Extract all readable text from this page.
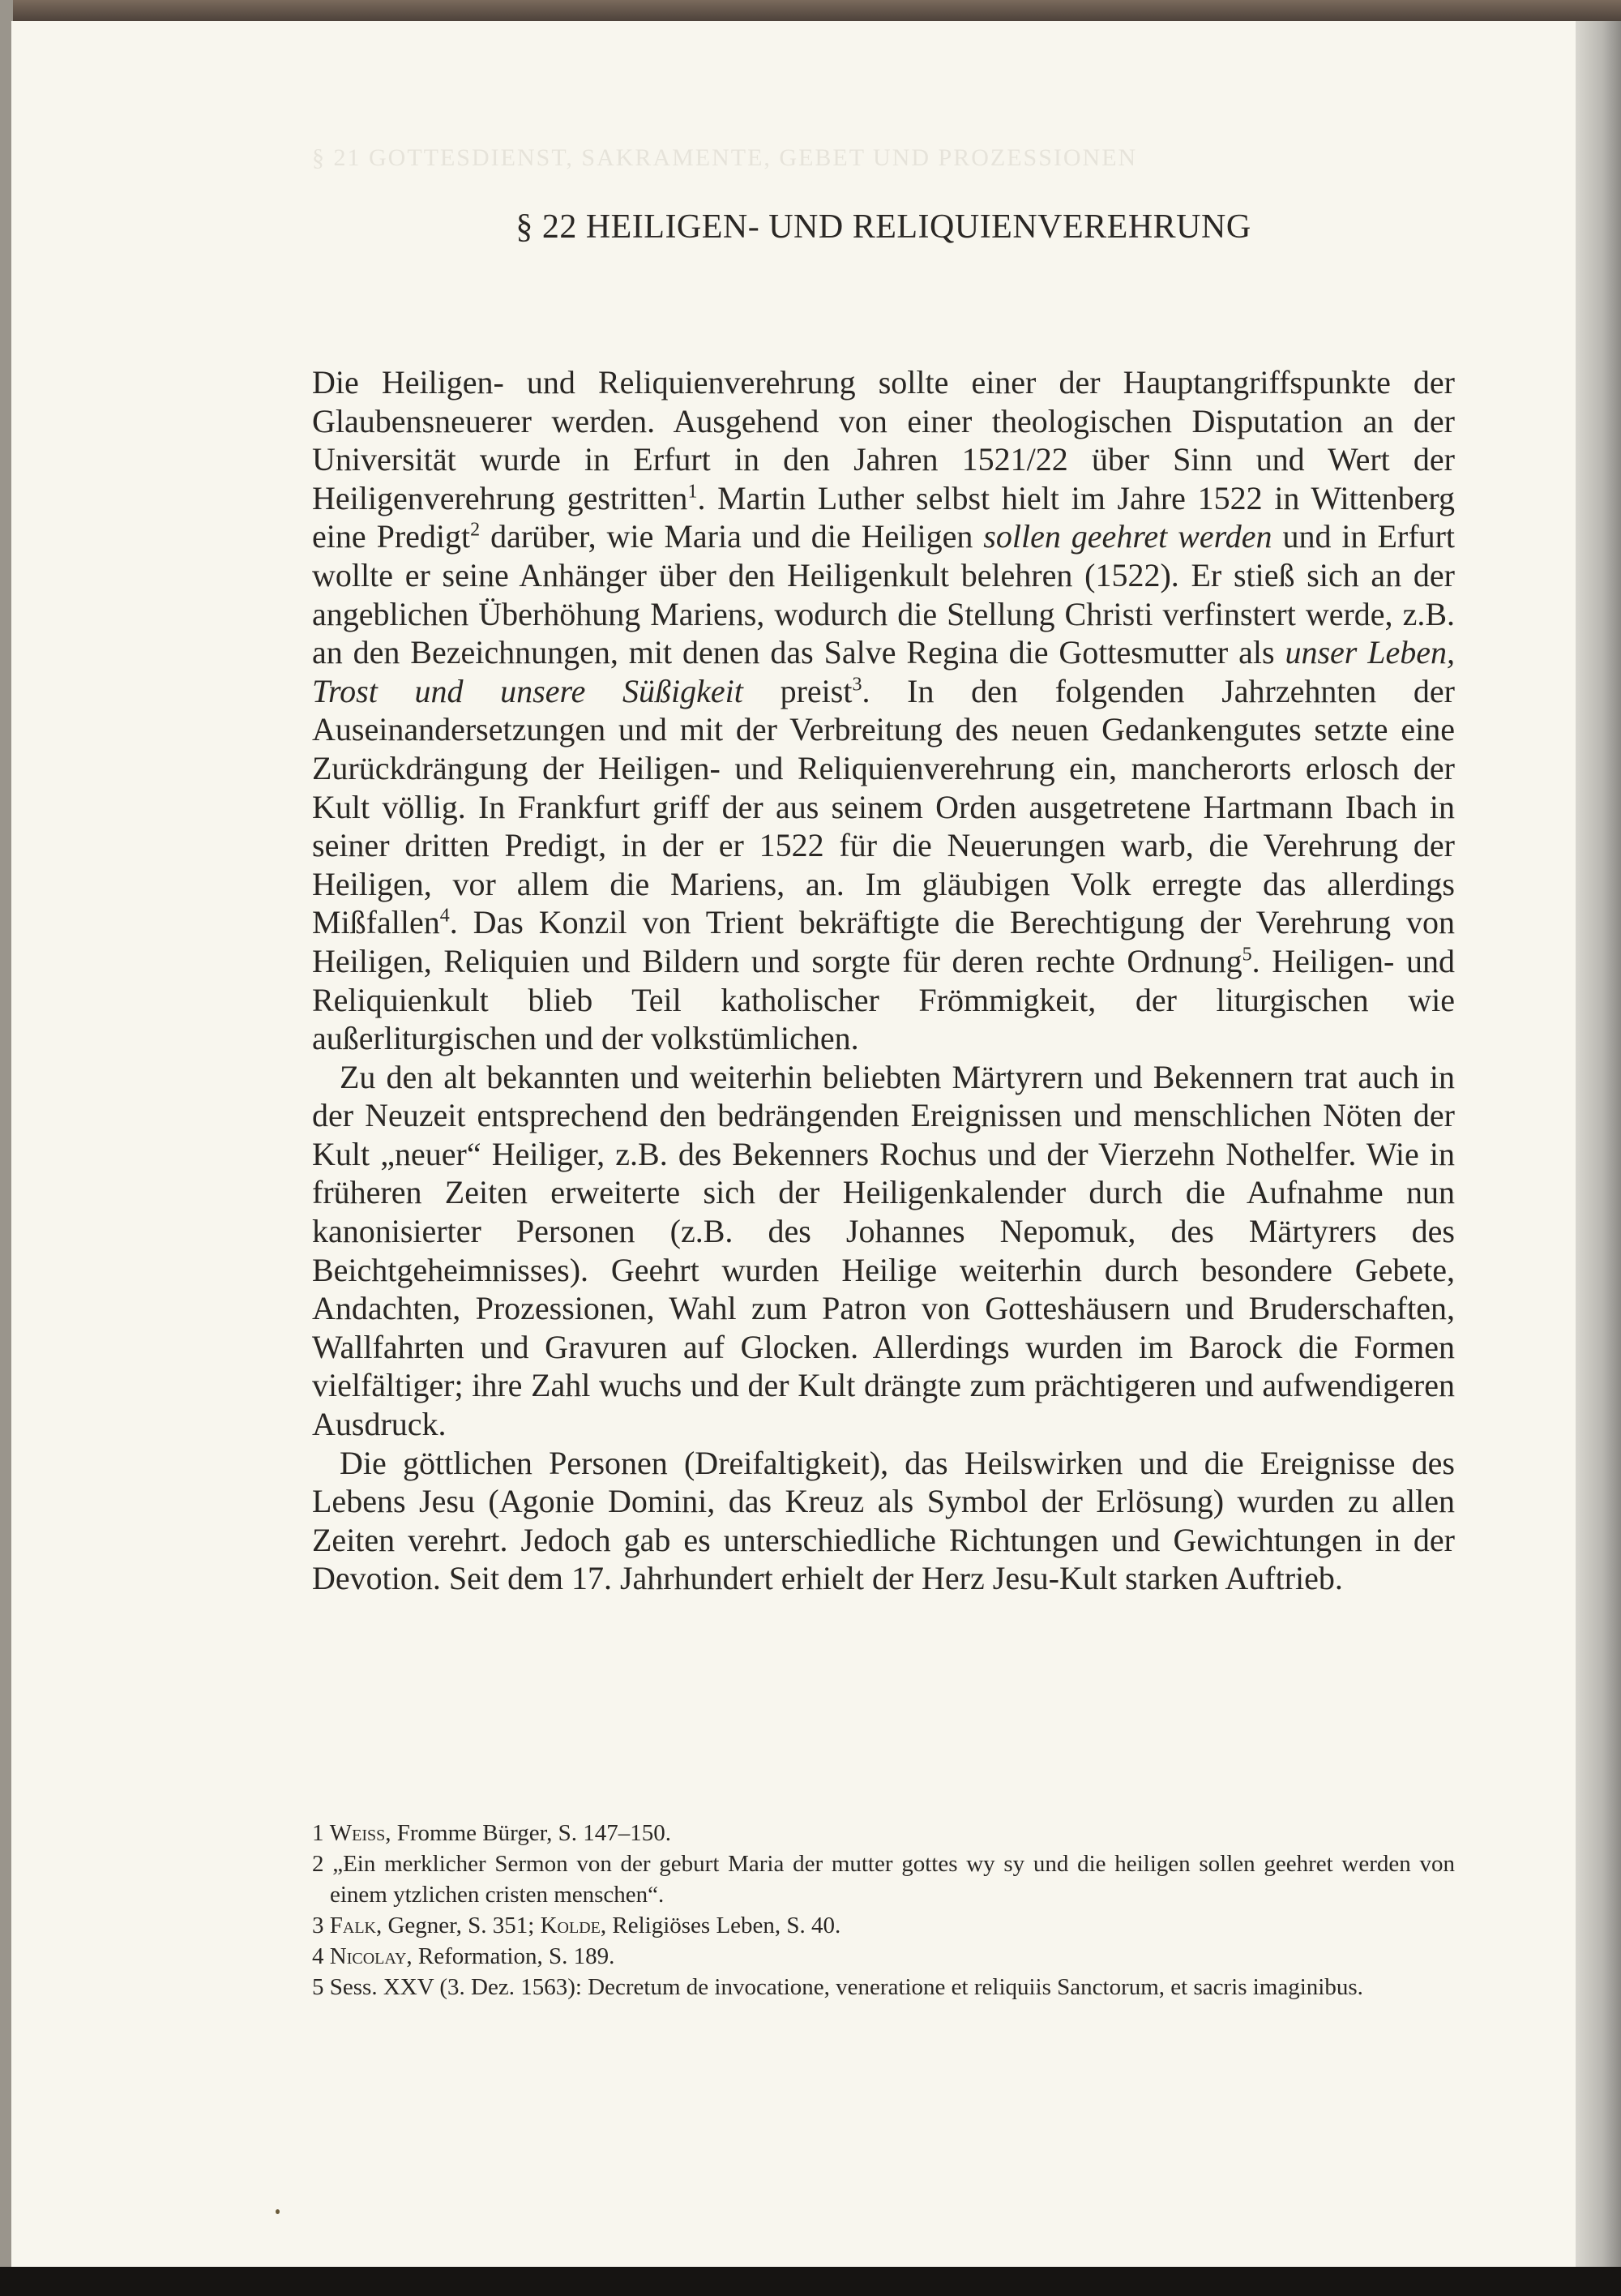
§ 21 GOTTESDIENST, SAKRAMENTE, GEBET UND PROZESSIONEN
§ 22 HEILIGEN- UND RELIQUIENVEREHRUNG

Die Heiligen- und Reliquienverehrung sollte einer der Hauptangriffspunkte der Glaubensneuerer werden. Ausgehend von einer theologischen Disputation an der Universität wurde in Erfurt in den Jahren 1521/22 über Sinn und Wert der Heiligenverehrung gestritten$^1$. Martin Luther selbst hielt im Jahre 1522 in Wittenberg eine Predigt$^2$ darüber, wie Maria und die Heiligen sollen geehret werden und in Erfurt wollte er seine Anhänger über den Heiligenkult belehren (1522). Er stieß sich an der angeblichen Überhöhung Mariens, wodurch die Stellung Christi verfinstert werde, z.B. an den Bezeichnungen, mit denen das Salve Regina die Gottesmutter als unser Leben, Trost und unsere Süßigkeit preist$^3$. In den folgenden Jahrzehnten der Auseinandersetzungen und mit der Verbreitung des neuen Gedankengutes setzte eine Zurückdrängung der Heiligen- und Reliquienverehrung ein, mancherorts erlosch der Kult völlig. In Frankfurt griff der aus seinem Orden ausgetretene Hartmann Ibach in seiner dritten Predigt, in der er 1522 für die Neuerungen warb, die Verehrung der Heiligen, vor allem die Mariens, an. Im gläubigen Volk erregte das allerdings Mißfallen$^4$. Das Konzil von Trient bekräftigte die Berechtigung der Verehrung von Heiligen, Reliquien und Bildern und sorgte für deren rechte Ordnung$^5$. Heiligen- und Reliquienkult blieb Teil katholischer Frömmigkeit, der liturgischen wie außerliturgischen und der volkstümlichen.

Zu den alt bekannten und weiterhin beliebten Märtyrern und Bekennern trat auch in der Neuzeit entsprechend den bedrängenden Ereignissen und menschlichen Nöten der Kult „neuer“ Heiliger, z.B. des Bekenners Rochus und der Vierzehn Nothelfer. Wie in früheren Zeiten erweiterte sich der Heiligenkalender durch die Aufnahme nun kanonisierter Personen (z.B. des Johannes Nepomuk, des Märtyrers des Beichtgeheimnisses). Geehrt wurden Heilige weiterhin durch besondere Gebete, Andachten, Prozessionen, Wahl zum Patron von Gotteshäusern und Bruderschaften, Wallfahrten und Gravuren auf Glocken. Allerdings wurden im Barock die Formen vielfältiger; ihre Zahl wuchs und der Kult drängte zum prächtigeren und aufwendigeren Ausdruck.

Die göttlichen Personen (Dreifaltigkeit), das Heilswirken und die Ereignisse des Lebens Jesu (Agonie Domini, das Kreuz als Symbol der Erlösung) wurden zu allen Zeiten verehrt. Jedoch gab es unterschiedliche Richtungen und Gewichtungen in der Devotion. Seit dem 17. Jahrhundert erhielt der Herz Jesu-Kult starken Auftrieb.

1 Weiss, Fromme Bürger, S. 147–150.
2 „Ein merklicher Sermon von der geburt Maria der mutter gottes wy sy und die heiligen sollen geehret werden von einem ytzlichen cristen menschen“.
3 Falk, Gegner, S. 351; Kolde, Religiöses Leben, S. 40.
4 Nicolay, Reformation, S. 189.
5 Sess. XXV (3. Dez. 1563): Decretum de invocatione, veneratione et reliquiis Sanctorum, et sacris imaginibus.
